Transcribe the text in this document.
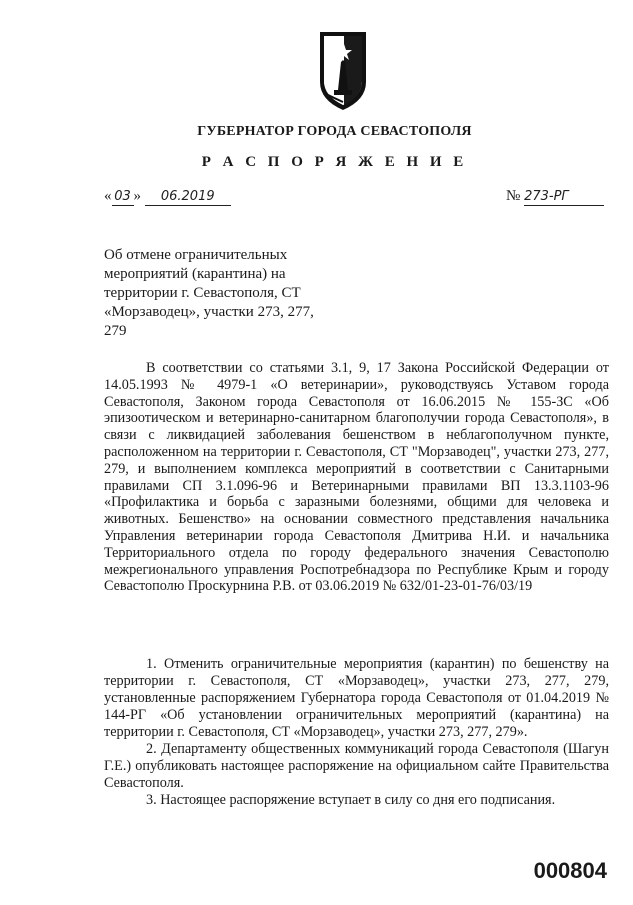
ГУБЕРНАТОР ГОРОДА СЕВАСТОПОЛЯ
Р А С П О Р Я Ж Е Н И Е
« 03 » 06.2019	№ 273-РГ
Об отмене ограничительных мероприятий (карантина) на территории г. Севастополя, СТ «Морзаводец», участки 273, 277, 279

В соответствии со статьями 3.1, 9, 17 Закона Российской Федерации от 14.05.1993 № 4979-1 «О ветеринарии», руководствуясь Уставом города Севастополя, Законом города Севастополя от 16.06.2015 № 155-ЗС «Об эпизоотическом и ветеринарно-санитарном благополучии города Севастополя», в связи с ликвидацией заболевания бешенством в неблагополучном пункте, расположенном на территории г. Севастополя, СТ "Морзаводец", участки 273, 277, 279, и выполнением комплекса мероприятий в соответствии с Санитарными правилами СП 3.1.096-96 и Ветеринарными правилами ВП 13.3.1103-96 «Профилактика и борьба с заразными болезнями, общими для человека и животных. Бешенство» на основании совместного представления начальника Управления ветеринарии города Севастополя Дмитрива Н.И. и начальника Территориального отдела по городу федерального значения Севастополю межрегионального управления Роспотребнадзора по Республике Крым и городу Севастополю Проскурнина Р.В. от 03.06.2019 № 632/01-23-01-76/03/19

1. Отменить ограничительные мероприятия (карантин) по бешенству на территории г. Севастополя, СТ «Морзаводец», участки 273, 277, 279, установленные распоряжением Губернатора города Севастополя от 01.04.2019 № 144-РГ «Об установлении ограничительных мероприятий (карантина) на территории г. Севастополя, СТ «Морзаводец», участки 273, 277, 279».

2. Департаменту общественных коммуникаций города Севастополя (Шагун Г.Е.) опубликовать настоящее распоряжение на официальном сайте Правительства Севастополя.

3. Настоящее распоряжение вступает в силу со дня его подписания.

000804
